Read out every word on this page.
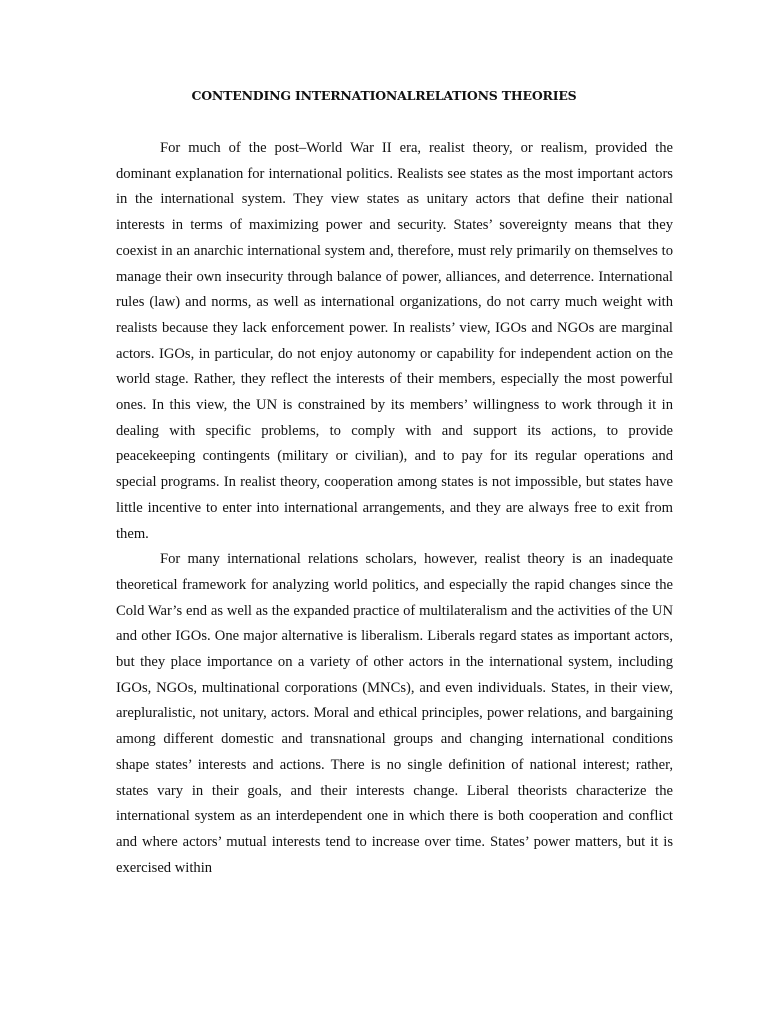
CONTENDING INTERNATIONALRELATIONS THEORIES

For much of the post–World War II era, realist theory, or realism, provided the dominant explanation for international politics. Realists see states as the most important actors in the international system. They view states as unitary actors that define their national interests in terms of maximizing power and security. States’ sovereignty means that they coexist in an anarchic international system and, therefore, must rely primarily on themselves to manage their own insecurity through balance of power, alliances, and deterrence. International rules (law) and norms, as well as international organizations, do not carry much weight with realists because they lack enforcement power. In realists’ view, IGOs and NGOs are marginal actors. IGOs, in particular, do not enjoy autonomy or capability for independent action on the world stage. Rather, they reflect the interests of their members, especially the most powerful ones. In this view, the UN is constrained by its members’ willingness to work through it in dealing with specific problems, to comply with and support its actions, to provide peacekeeping contingents (military or civilian), and to pay for its regular operations and special programs. In realist theory, cooperation among states is not impossible, but states have little incentive to enter into international arrangements, and they are always free to exit from them.

For many international relations scholars, however, realist theory is an inadequate theoretical framework for analyzing world politics, and especially the rapid changes since the Cold War’s end as well as the expanded practice of multilateralism and the activities of the UN and other IGOs. One major alternative is liberalism. Liberals regard states as important actors, but they place importance on a variety of other actors in the international system, including IGOs, NGOs, multinational corporations (MNCs), and even individuals. States, in their view, arepluralistic, not unitary, actors. Moral and ethical principles, power relations, and bargaining among different domestic and transnational groups and changing international conditions shape states’ interests and actions. There is no single definition of national interest; rather, states vary in their goals, and their interests change. Liberal theorists characterize the international system as an interdependent one in which there is both cooperation and conflict and where actors’ mutual interests tend to increase over time. States’ power matters, but it is exercised within
